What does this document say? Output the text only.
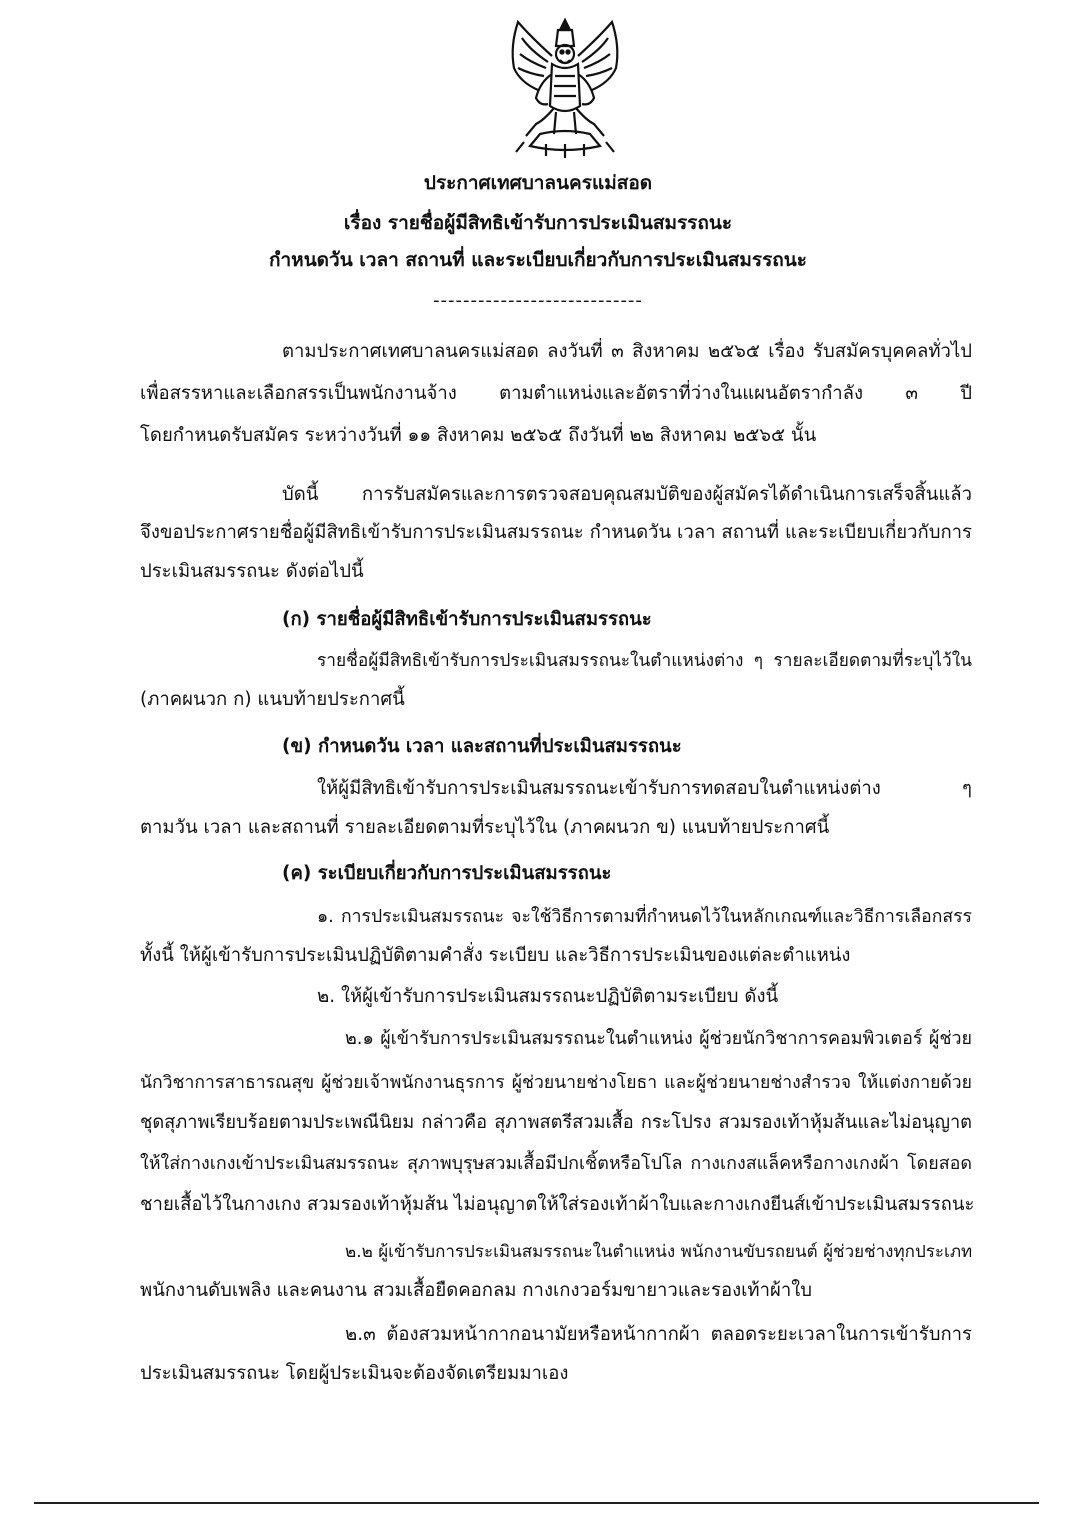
ประกาศเทศบาลนครแม่สอด
เรื่อง รายชื่อผู้มีสิทธิเข้ารับการประเมินสมรรถนะ
กำหนดวัน เวลา สถานที่ และระเบียบเกี่ยวกับการประเมินสมรรถนะ
----------------------------
ตามประกาศเทศบาลนครแม่สอด ลงวันที่ ๓ สิงหาคม ๒๕๖๕ เรื่อง รับสมัครบุคคลทั่วไป
เพื่อสรรหาและเลือกสรรเป็นพนักงานจ้าง ตามตำแหน่งและอัตราที่ว่างในแผนอัตรากำลัง ๓ ปี
โดยกำหนดรับสมัคร ระหว่างวันที่ ๑๑ สิงหาคม ๒๕๖๕ ถึงวันที่ ๒๒ สิงหาคม ๒๕๖๕ นั้น
บัดนี้ การรับสมัครและการตรวจสอบคุณสมบัติของผู้สมัครได้ดำเนินการเสร็จสิ้นแล้ว
จึงขอประกาศรายชื่อผู้มีสิทธิเข้ารับการประเมินสมรรถนะ กำหนดวัน เวลา สถานที่ และระเบียบเกี่ยวกับการ
ประเมินสมรรถนะ ดังต่อไปนี้
(ก) รายชื่อผู้มีสิทธิเข้ารับการประเมินสมรรถนะ
รายชื่อผู้มีสิทธิเข้ารับการประเมินสมรรถนะในตำแหน่งต่าง ๆ รายละเอียดตามที่ระบุไว้ใน
(ภาคผนวก ก) แนบท้ายประกาศนี้
(ข) กำหนดวัน เวลา และสถานที่ประเมินสมรรถนะ
ให้ผู้มีสิทธิเข้ารับการประเมินสมรรถนะเข้ารับการทดสอบในตำแหน่งต่าง ๆ
ตามวัน เวลา และสถานที่ รายละเอียดตามที่ระบุไว้ใน (ภาคผนวก ข) แนบท้ายประกาศนี้
(ค) ระเบียบเกี่ยวกับการประเมินสมรรถนะ
๑. การประเมินสมรรถนะ จะใช้วิธีการตามที่กำหนดไว้ในหลักเกณฑ์และวิธีการเลือกสรร
ทั้งนี้ ให้ผู้เข้ารับการประเมินปฏิบัติตามคำสั่ง ระเบียบ และวิธีการประเมินของแต่ละตำแหน่ง
๒. ให้ผู้เข้ารับการประเมินสมรรถนะปฏิบัติตามระเบียบ ดังนี้
๒.๑ ผู้เข้ารับการประเมินสมรรถนะในตำแหน่ง ผู้ช่วยนักวิชาการคอมพิวเตอร์ ผู้ช่วย
นักวิชาการสาธารณสุข ผู้ช่วยเจ้าพนักงานธุรการ ผู้ช่วยนายช่างโยธา และผู้ช่วยนายช่างสำรวจ ให้แต่งกายด้วย
ชุดสุภาพเรียบร้อยตามประเพณีนิยม กล่าวคือ สุภาพสตรีสวมเสื้อ กระโปรง สวมรองเท้าหุ้มส้นและไม่อนุญาต
ให้ใส่กางเกงเข้าประเมินสมรรถนะ สุภาพบุรุษสวมเสื้อมีปกเชิ้ตหรือโปโล กางเกงสแล็คหรือกางเกงผ้า โดยสอด
ชายเสื้อไว้ในกางเกง สวมรองเท้าหุ้มส้น ไม่อนุญาตให้ใส่รองเท้าผ้าใบและกางเกงยีนส์เข้าประเมินสมรรถนะ
๒.๒ ผู้เข้ารับการประเมินสมรรถนะในตำแหน่ง พนักงานขับรถยนต์ ผู้ช่วยช่างทุกประเภท
พนักงานดับเพลิง และคนงาน สวมเสื้อยืดคอกลม กางเกงวอร์มขายาวและรองเท้าผ้าใบ
๒.๓ ต้องสวมหน้ากากอนามัยหรือหน้ากากผ้า ตลอดระยะเวลาในการเข้ารับการ
ประเมินสมรรถนะ โดยผู้ประเมินจะต้องจัดเตรียมมาเอง
